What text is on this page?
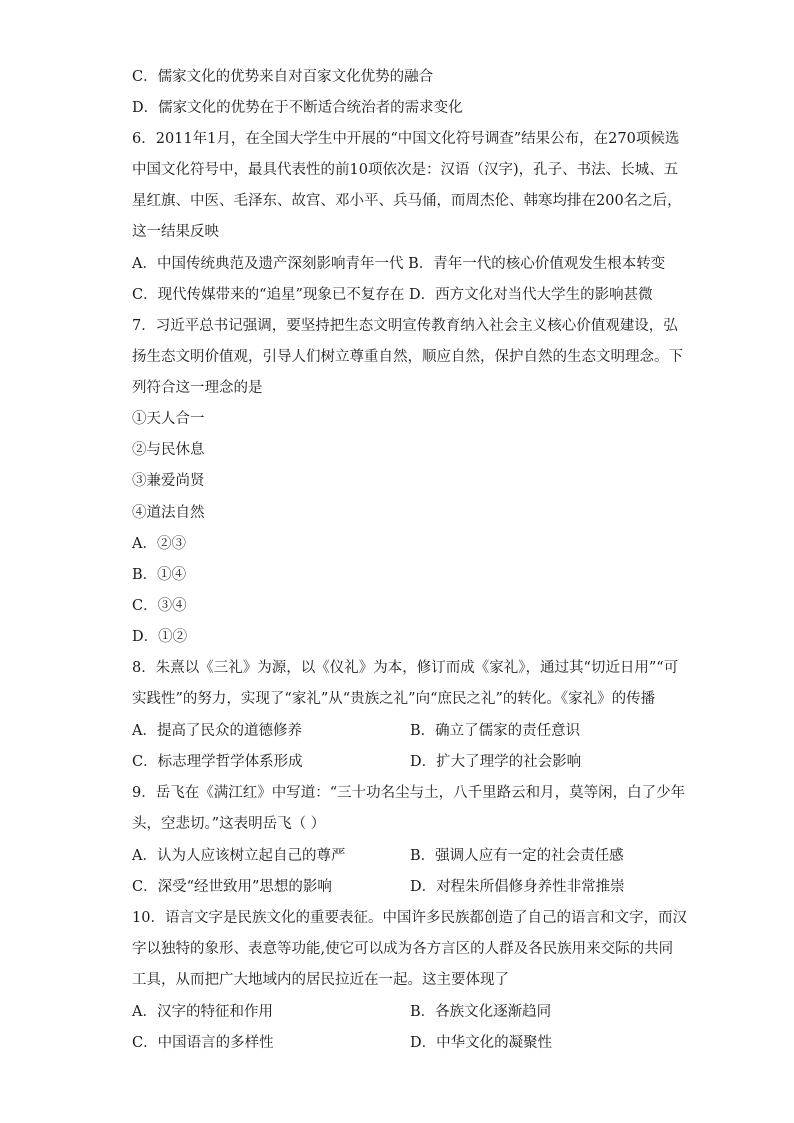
C．儒家文化的优势来自对百家文化优势的融合
D．儒家文化的优势在于不断适合统治者的需求变化
6．2011年1月，在全国大学生中开展的“中国文化符号调查”结果公布，在270项候选
中国文化符号中，最具代表性的前10项依次是：汉语（汉字)，孔子、书法、长城、五
星红旗、中医、毛泽东、故宫、邓小平、兵马俑，而周杰伦、韩寒均排在200名之后，
这一结果反映
A．中国传统典范及遗产深刻影响青年一代 B．青年一代的核心价值观发生根本转变
C．现代传媒带来的“追星”现象已不复存在 D．西方文化对当代大学生的影响甚微
7．习近平总书记强调，要坚持把生态文明宣传教育纳入社会主义核心价值观建设，弘
扬生态文明价值观，引导人们树立尊重自然，顺应自然，保护自然的生态文明理念。下
列符合这一理念的是
①天人合一
②与民休息
③兼爱尚贤
④道法自然
A．②③
B．①④
C．③④
D．①②
8．朱熹以《三礼》为源，以《仪礼》为本，修订而成《家礼》，通过其“切近日用”“可
实践性”的努力，实现了“家礼”从“贵族之礼”向“庶民之礼”的转化。《家礼》的传播
A．提高了民众的道德修养	B．确立了儒家的责任意识
C．标志理学哲学体系形成	D．扩大了理学的社会影响
9．岳飞在《满江红》中写道：“三十功名尘与土，八千里路云和月，莫等闲，白了少年
头，空悲切。”这表明岳飞（ ）
A．认为人应该树立起自己的尊严	B．强调人应有一定的社会责任感
C．深受“经世致用”思想的影响	D．对程朱所倡修身养性非常推崇
10．语言文字是民族文化的重要表征。中国许多民族都创造了自己的语言和文字，而汉
字以独特的象形、表意等功能,使它可以成为各方言区的人群及各民族用来交际的共同
工具，从而把广大地域内的居民拉近在一起。这主要体现了
A．汉字的特征和作用	B．各族文化逐渐趋同
C．中国语言的多样性	D．中华文化的凝聚性
